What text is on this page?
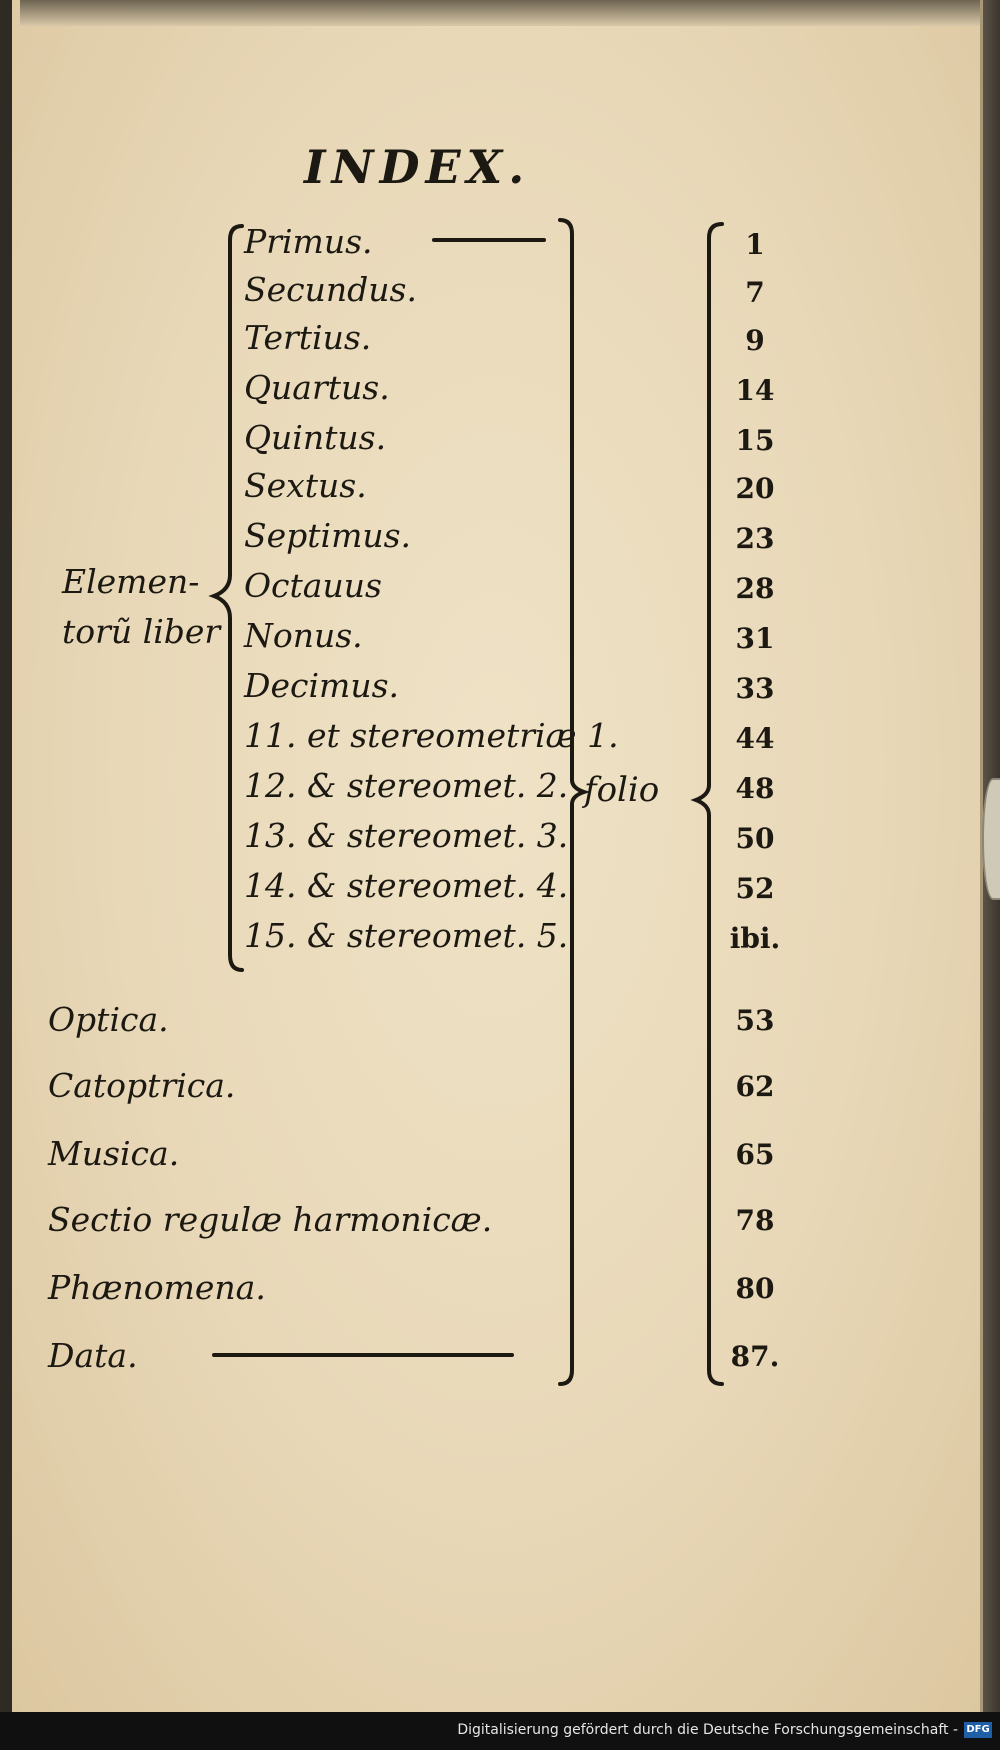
INDEX.
Elemen-
torũ liber
Primus.
Secundus.
Tertius.
Quartus.
Quintus.
Sextus.
Septimus.
Octauus
Nonus.
Decimus.
11. et stereometriæ 1.
12. & stereomet. 2.
13. & stereomet. 3.
14. & stereomet. 4.
15. & stereomet. 5.
Optica.
Catoptrica.
Musica.
Sectio regulæ harmonicæ.
Phænomena.
Data.
1
7
9
14
15
20
23
28
31
33
44
48
50
52
ibi.
53
62
65
78
80
87.
folio
Digitalisierung gefördert durch die Deutsche Forschungsgemeinschaft - DFG
